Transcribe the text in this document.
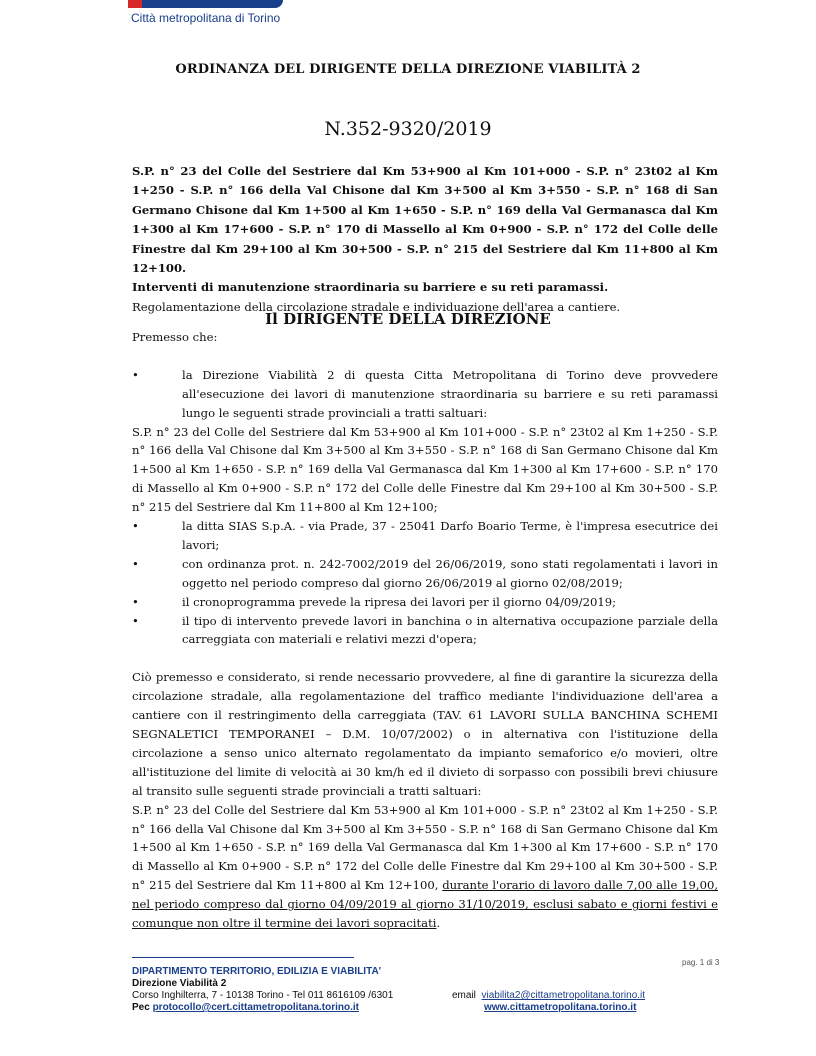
Città metropolitana di Torino
ORDINANZA DEL DIRIGENTE DELLA DIREZIONE VIABILITÀ 2
N.352-9320/2019
S.P. n° 23 del Colle del Sestriere dal Km 53+900 al Km 101+000 - S.P. n° 23t02 al Km 1+250 - S.P. n° 166 della Val Chisone dal Km 3+500 al Km 3+550 - S.P. n° 168 di San Germano Chisone dal Km 1+500 al Km 1+650 - S.P. n° 169 della Val Germanasca dal Km 1+300 al Km 17+600 - S.P. n° 170 di Massello al Km 0+900 - S.P. n° 172 del Colle delle Finestre dal Km 29+100 al Km 30+500 - S.P. n° 215 del Sestriere dal Km 11+800 al Km 12+100.
Interventi di manutenzione straordinaria su barriere e su reti paramassi.
Regolamentazione della circolazione stradale e individuazione dell'area a cantiere.
Il DIRIGENTE DELLA DIREZIONE

Premesso che:

•	la Direzione Viabilità 2 di questa Citta Metropolitana di Torino deve provvedere all'esecuzione dei lavori di manutenzione straordinaria su barriere e su reti paramassi lungo le seguenti strade provinciali a tratti saltuari:

S.P. n° 23 del Colle del Sestriere dal Km 53+900 al Km 101+000 - S.P. n° 23t02 al Km 1+250 - S.P. n° 166 della Val Chisone dal Km 3+500 al Km 3+550 - S.P. n° 168 di San Germano Chisone dal Km 1+500 al Km 1+650 - S.P. n° 169 della Val Germanasca dal Km 1+300 al Km 17+600 - S.P. n° 170 di Massello al Km 0+900 - S.P. n° 172 del Colle delle Finestre dal Km 29+100 al Km 30+500 - S.P. n° 215 del Sestriere dal Km 11+800 al Km 12+100;

•	la ditta SIAS S.p.A. - via Prade, 37 - 25041 Darfo Boario Terme, è l'impresa esecutrice dei lavori;
•	con ordinanza prot. n. 242-7002/2019 del 26/06/2019, sono stati regolamentati i lavori in oggetto nel periodo compreso dal giorno 26/06/2019 al giorno 02/08/2019;
•	il cronoprogramma prevede la ripresa dei lavori per il giorno 04/09/2019;
•	il tipo di intervento prevede lavori in banchina o in alternativa occupazione parziale della carreggiata con materiali e relativi mezzi d'opera;

Ciò premesso e considerato, si rende necessario provvedere, al fine di garantire la sicurezza della circolazione stradale, alla regolamentazione del traffico mediante l'individuazione dell'area a cantiere con il restringimento della carreggiata (TAV. 61 LAVORI SULLA BANCHINA SCHEMI SEGNALETICI TEMPORANEI – D.M. 10/07/2002) o in alternativa con l'istituzione della circolazione a senso unico alternato regolamentato da impianto semaforico e/o movieri, oltre all'istituzione del limite di velocità ai 30 km/h ed il divieto di sorpasso con possibili brevi chiusure al transito sulle seguenti strade provinciali a tratti saltuari:

S.P. n° 23 del Colle del Sestriere dal Km 53+900 al Km 101+000 - S.P. n° 23t02 al Km 1+250 - S.P. n° 166 della Val Chisone dal Km 3+500 al Km 3+550 - S.P. n° 168 di San Germano Chisone dal Km 1+500 al Km 1+650 - S.P. n° 169 della Val Germanasca dal Km 1+300 al Km 17+600 - S.P. n° 170 di Massello al Km 0+900 - S.P. n° 172 del Colle delle Finestre dal Km 29+100 al Km 30+500 - S.P. n° 215 del Sestriere dal Km 11+800 al Km 12+100, durante l'orario di lavoro dalle 7,00 alle 19,00, nel periodo compreso dal giorno 04/09/2019 al giorno 31/10/2019, esclusi sabato e giorni festivi e comunque non oltre il termine dei lavori sopracitati.

DIPARTIMENTO TERRITORIO, EDILIZIA E VIABILITA'
Direzione Viabilità 2
Corso Inghilterra, 7 - 10138 Torino - Tel 011 8616109 /6301
Pec protocollo@cert.cittametropolitana.torino.it
email viabilita2@cittametropolitana.torino.it
www.cittametropolitana.torino.it
pag. 1 di 3
